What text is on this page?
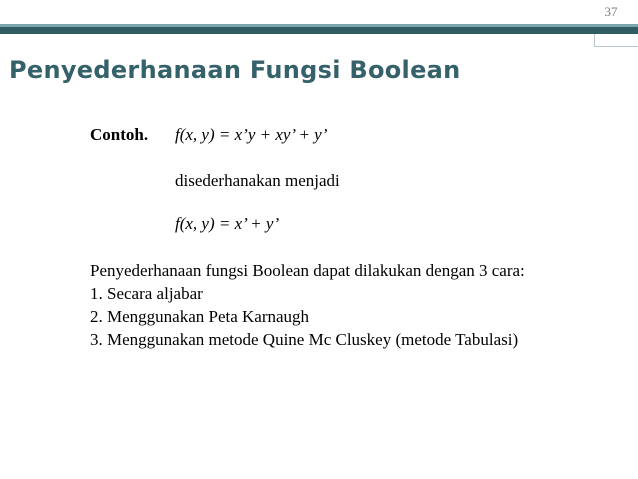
37
Penyederhanaan Fungsi Boolean
Contoh. f(x, y) = x’y + xy’ + y’
disederhanakan menjadi
f(x, y) = x’ + y’
Penyederhanaan fungsi Boolean dapat dilakukan dengan 3 cara:
1. Secara aljabar
2. Menggunakan Peta Karnaugh
3. Menggunakan metode Quine Mc Cluskey (metode Tabulasi)
